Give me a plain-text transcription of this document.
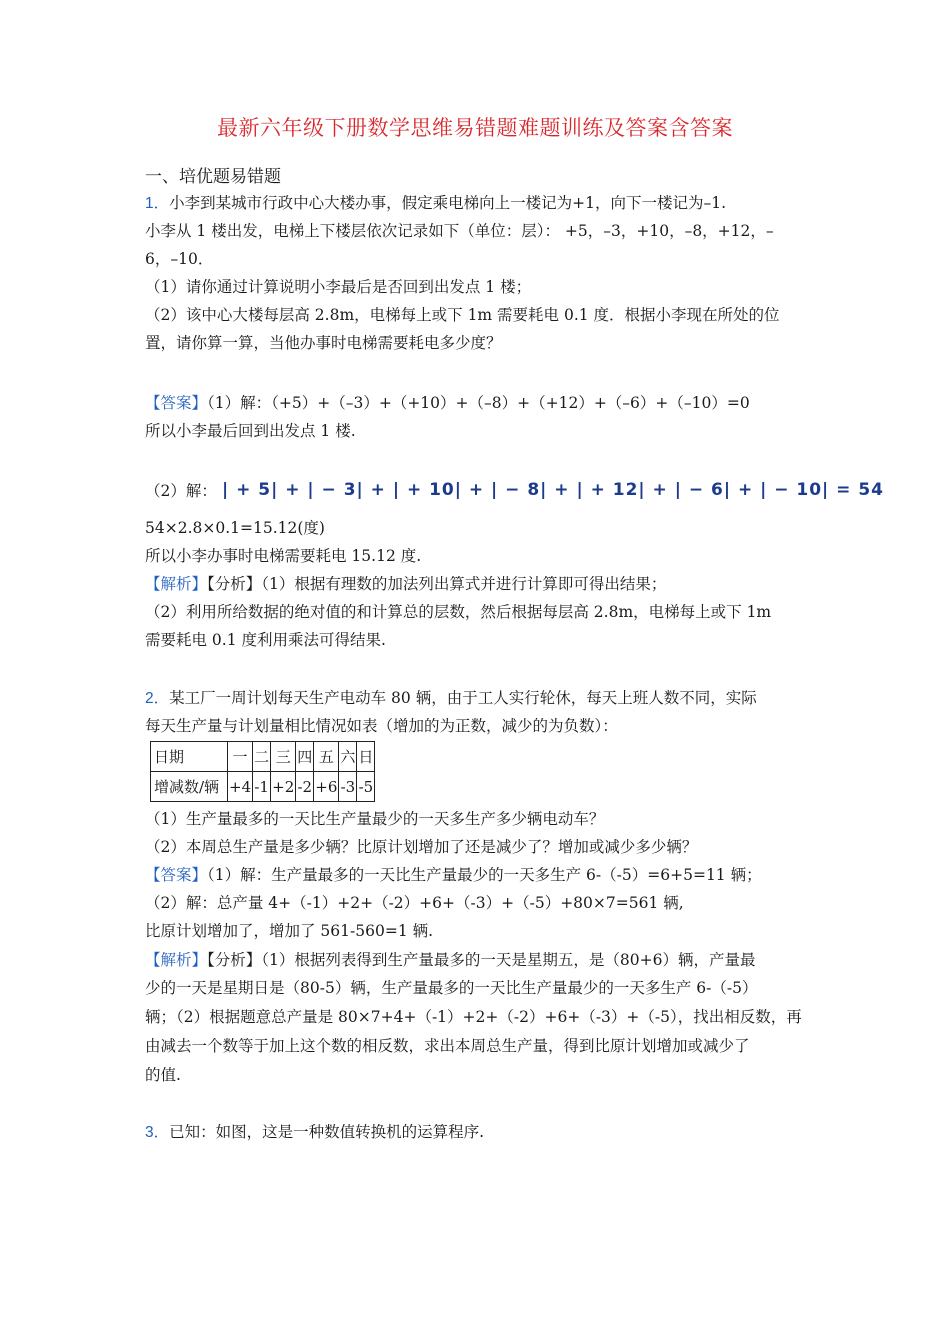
最新六年级下册数学思维易错题难题训练及答案含答案
一、培优题易错题
1．小李到某城市行政中心大楼办事，假定乘电梯向上一楼记为+1，向下一楼记为–1.
小李从 1 楼出发，电梯上下楼层依次记录如下（单位：层）： +5，–3，+10，–8，+12，–
6，–10．
（1）请你通过计算说明小李最后是否回到出发点 1 楼；
（2）该中心大楼每层高 2.8m，电梯每上或下 1m 需要耗电 0.1 度．根据小李现在所处的位
置，请你算一算，当他办事时电梯需要耗电多少度？
【答案】（1）解：（+5）+（–3）+（+10）+（–8）+（+12）+（–6）+（–10）=0
所以小李最后回到出发点 1 楼.
（2）解： | + 5| + | − 3| + | + 10| + | − 8| + | + 12| + | − 6| + | − 10| = 54
54×2.8×0.1=15.12(度)
所以小李办事时电梯需要耗电 15.12 度.
【解析】【分析】（1）根据有理数的加法列出算式并进行计算即可得出结果；
（2）利用所给数据的绝对值的和计算总的层数，然后根据每层高 2.8m，电梯每上或下 1m
需要耗电 0.1 度利用乘法可得结果.
2．某工厂一周计划每天生产电动车 80 辆，由于工人实行轮休，每天上班人数不同，实际
每天生产量与计划量相比情况如表（增加的为正数，减少的为负数）：
日期	一	二	三	四	五	六	日
增减数/辆	+4	-1	+2	-2	+6	-3	-5
（1）生产量最多的一天比生产量最少的一天多生产多少辆电动车？
（2）本周总生产量是多少辆？比原计划增加了还是减少了？增加或减少多少辆？
【答案】（1）解：生产量最多的一天比生产量最少的一天多生产 6-（-5）=6+5=11 辆；
（2）解：总产量 4+（-1）+2+（-2）+6+（-3）+（-5）+80×7=561 辆,
比原计划增加了，增加了 561-560=1 辆.
【解析】【分析】（1）根据列表得到生产量最多的一天是星期五，是（80+6）辆，产量最
少的一天是星期日是（80-5）辆，生产量最多的一天比生产量最少的一天多生产 6-（-5）
辆；（2）根据题意总产量是 80×7+4+（-1）+2+（-2）+6+（-3）+（-5），找出相反数，再
由减去一个数等于加上这个数的相反数，求出本周总生产量，得到比原计划增加或减少了
的值.
3．已知：如图，这是一种数值转换机的运算程序.
